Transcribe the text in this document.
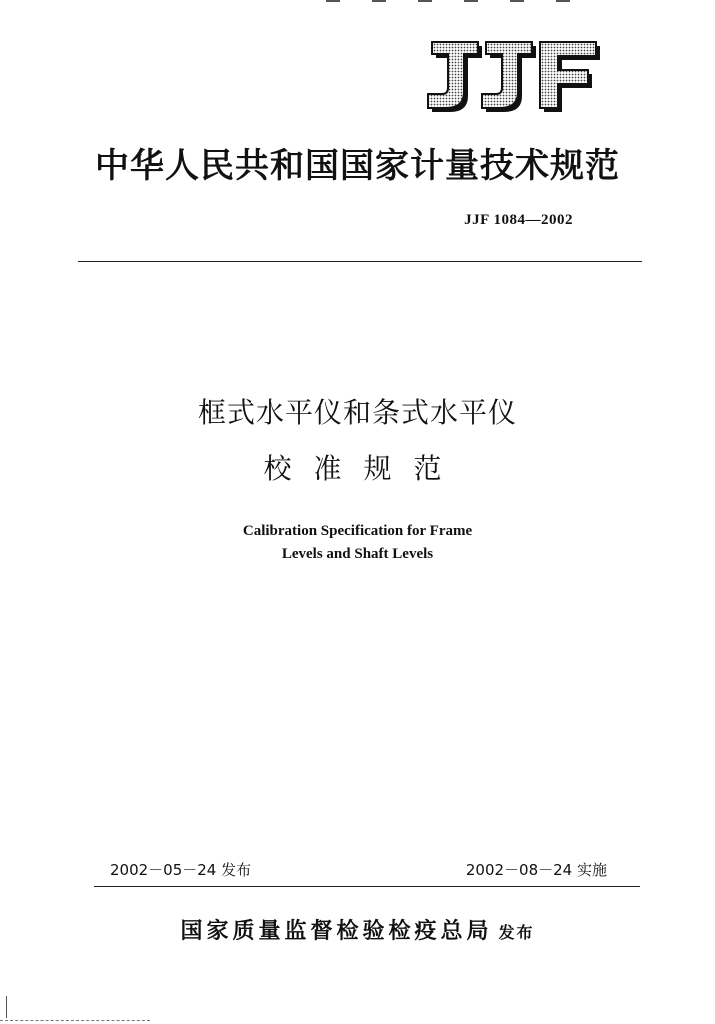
中华人民共和国国家计量技术规范
JJF 1084—2002
框式水平仪和条式水平仪
校准规范
Calibration Specification for Frame
Levels and Shaft Levels
2002－05－24 发布	2002－08－24 实施
国家质量监督检验检疫总局 发布
